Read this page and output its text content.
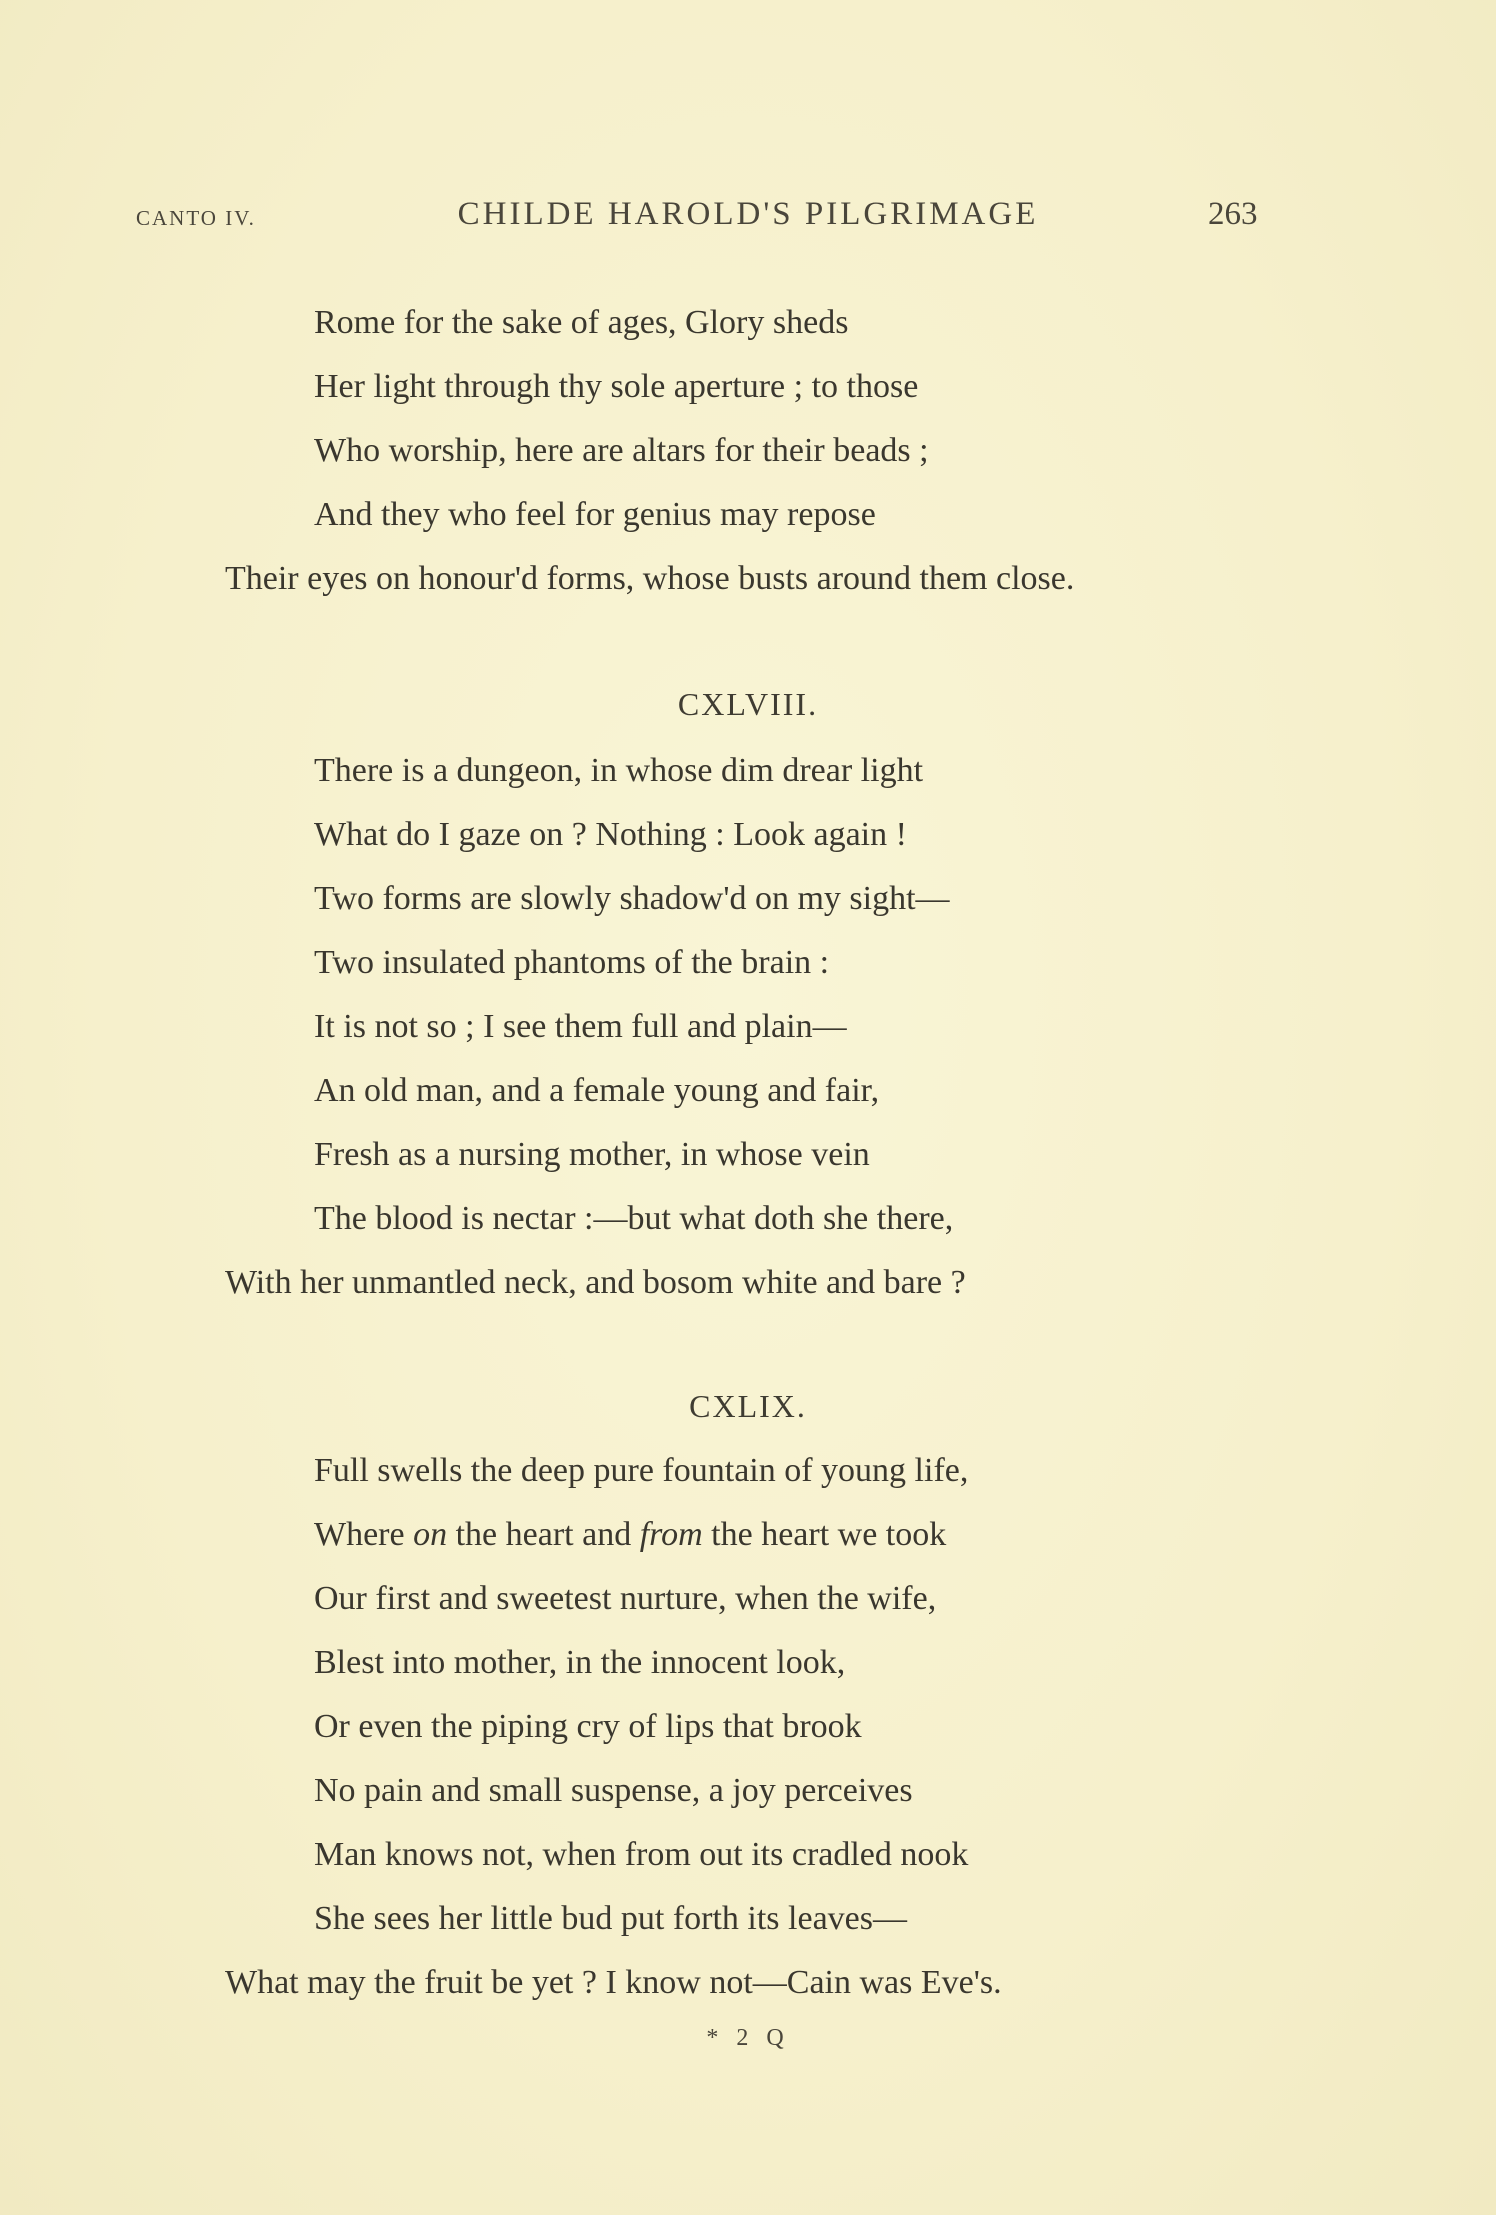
CANTO IV.	CHILDE HAROLD'S PILGRIMAGE	263
Rome for the sake of ages, Glory sheds
Her light through thy sole aperture ; to those
Who worship, here are altars for their beads ;
And they who feel for genius may repose
Their eyes on honour'd forms, whose busts around them close.
CXLVIII.
There is a dungeon, in whose dim drear light
What do I gaze on ? Nothing : Look again !
Two forms are slowly shadow'd on my sight—
Two insulated phantoms of the brain :
It is not so ; I see them full and plain—
An old man, and a female young and fair,
Fresh as a nursing mother, in whose vein
The blood is nectar :—but what doth she there,
With her unmantled neck, and bosom white and bare ?
CXLIX.
Full swells the deep pure fountain of young life,
Where on the heart and from the heart we took
Our first and sweetest nurture, when the wife,
Blest into mother, in the innocent look,
Or even the piping cry of lips that brook
No pain and small suspense, a joy perceives
Man knows not, when from out its cradled nook
She sees her little bud put forth its leaves—
What may the fruit be yet ? I know not—Cain was Eve's.
* 2 Q
